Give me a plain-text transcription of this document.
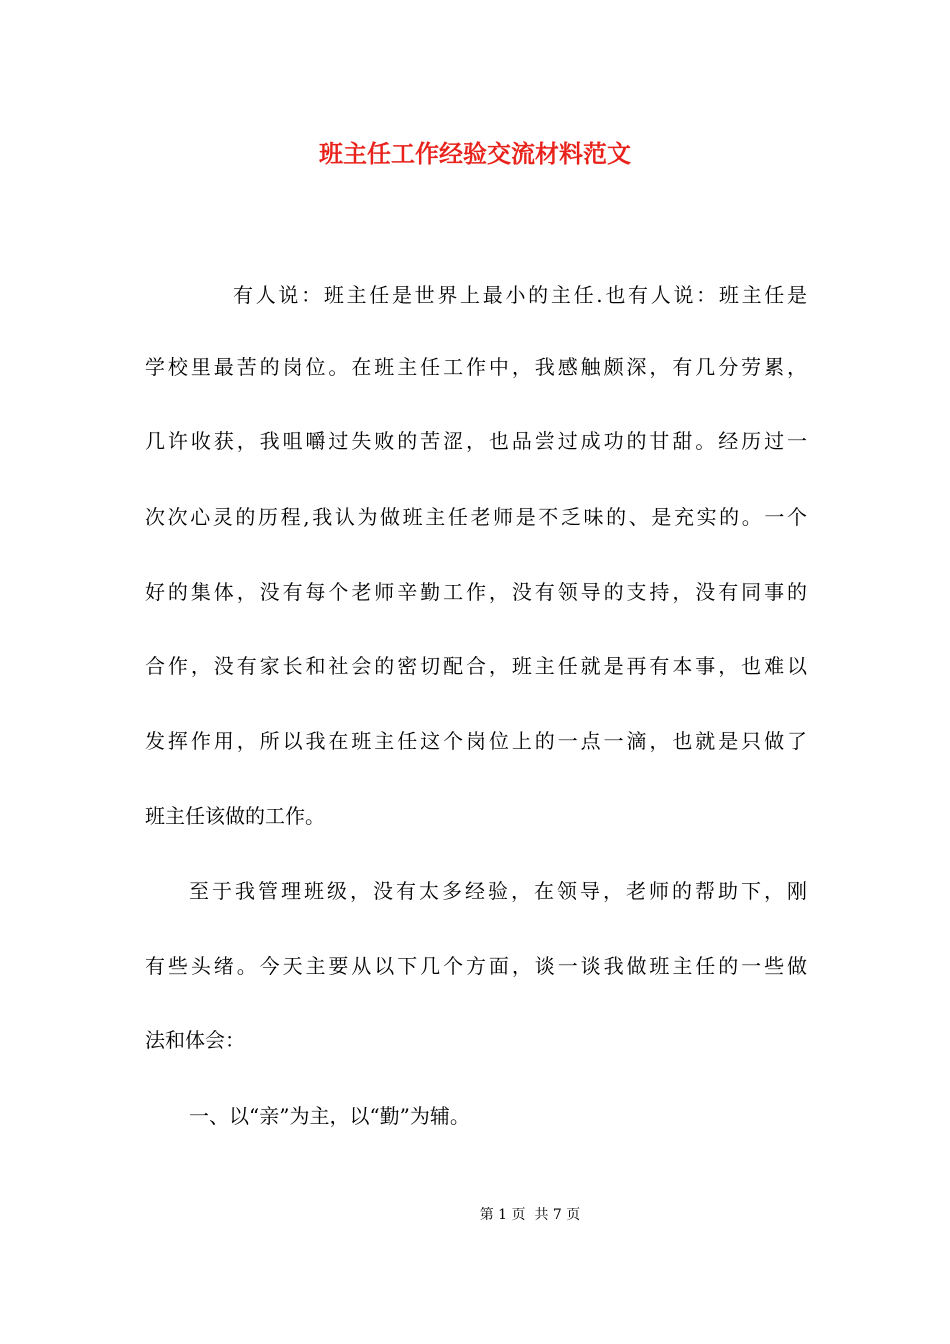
班主任工作经验交流材料范文

有人说：班主任是世界上最小的主任.也有人说：班主任是

学校里最苦的岗位。在班主任工作中，我感触颇深，有几分劳累，

几许收获，我咀嚼过失败的苦涩，也品尝过成功的甘甜。经历过一

次次心灵的历程,我认为做班主任老师是不乏味的、是充实的。一个

好的集体，没有每个老师辛勤工作，没有领导的支持，没有同事的

合作，没有家长和社会的密切配合，班主任就是再有本事，也难以

发挥作用，所以我在班主任这个岗位上的一点一滴，也就是只做了

班主任该做的工作。

至于我管理班级，没有太多经验，在领导，老师的帮助下，刚

有些头绪。今天主要从以下几个方面，谈一谈我做班主任的一些做

法和体会：

一、以“亲”为主，以“勤”为辅。

第 1 页  共 7 页
